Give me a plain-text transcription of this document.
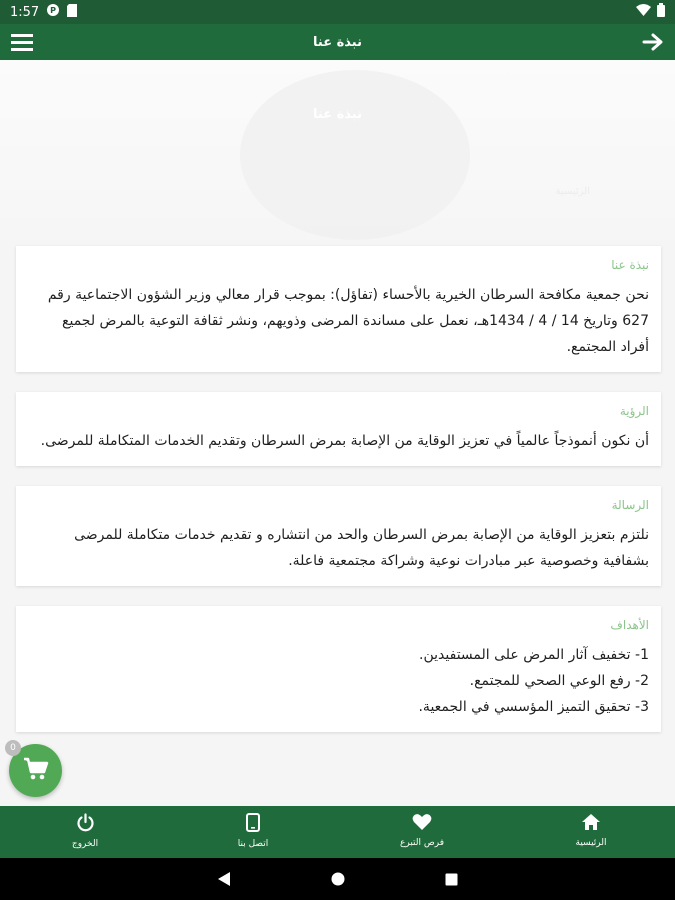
1:57 P
نبذة عنا
نبذة عنا
الرئيسية
نبذة عنا

نحن جمعية مكافحة السرطان الخيرية بالأحساء (تفاؤل): بموجب قرار معالي وزير الشؤون الاجتماعية رقم 627 وتاريخ 14 / 4 / 1434هـ، نعمل على مساندة المرضى وذويهم، ونشر ثقافة التوعية بالمرض لجميع أفراد المجتمع.

الرؤية

أن نكون أنموذجاً عالمياً في تعزيز الوقاية من الإصابة بمرض السرطان وتقديم الخدمات المتكاملة للمرضى.

الرسالة

نلتزم بتعزيز الوقاية من الإصابة بمرض السرطان والحد من انتشاره و تقديم خدمات متكاملة للمرضى بشفافية وخصوصية عبر مبادرات نوعية وشراكة مجتمعية فاعلة.

الأهداف
1- تخفيف آثار المرض على المستفيدين.
2- رفع الوعي الصحي للمجتمع.
3- تحقيق التميز المؤسسي في الجمعية.
0
الرئيسية
فرص التبرع
اتصل بنا
الخروج
